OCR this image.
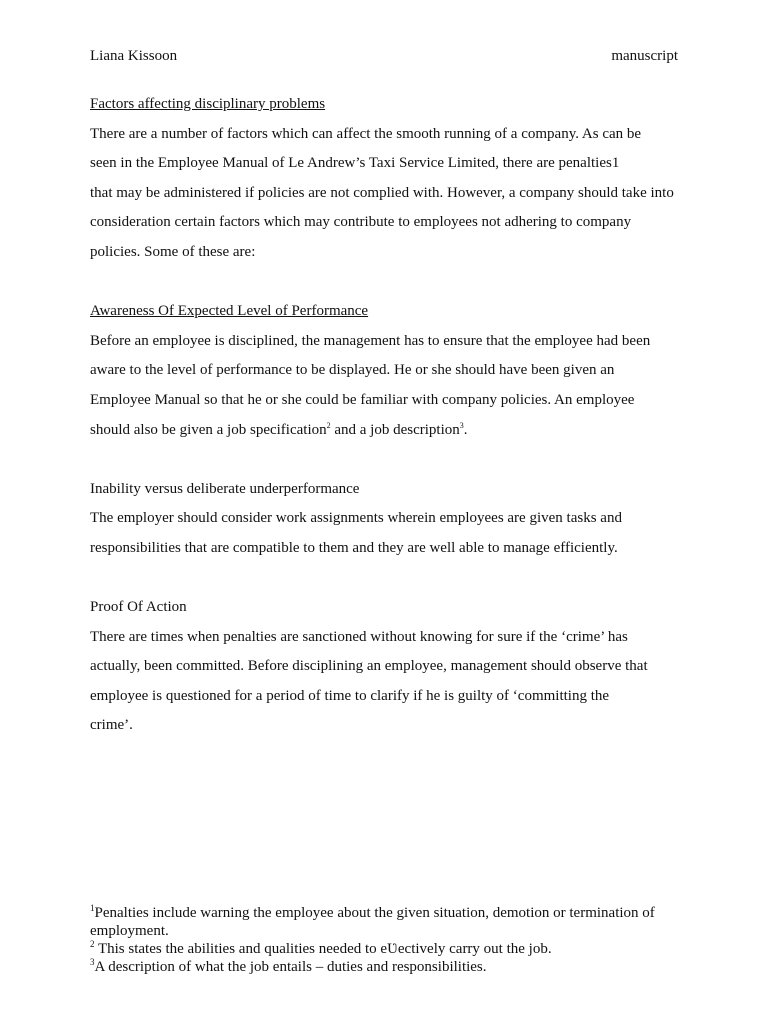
Liana Kissoon	manuscript
Factors affecting disciplinary problems
There are a number of factors which can affect the smooth running of a company. As can be
seen in the Employee Manual of Le Andrew’s Taxi Service Limited, there are penalties1
that may be administered if policies are not complied with. However, a company should take into
consideration certain factors which may contribute to employees not adhering to company
policies. Some of these are:
Awareness Of Expected Level of Performance
Before an employee is disciplined, the management has to ensure that the employee had been
aware to the level of performance to be displayed. He or she should have been given an
Employee Manual so that he or she could be familiar with company policies. An employee
should also be given a job specification$^2$ and a job description$^3$.
Inability versus deliberate underperformance
The employer should consider work assignments wherein employees are given tasks and
responsibilities that are compatible to them and they are well able to manage efficiently.
Proof Of Action
There are times when penalties are sanctioned without knowing for sure if the ‘crime’ has
actually, been committed. Before disciplining an employee, management should observe that
employee is questioned for a period of time to clarify if he is guilty of ‘committing the
crime’.
$^1$Penalties include warning the employee about the given situation, demotion or termination of employment.
$^2$ This states the abilities and qualities needed to eƲectively carry out the job.
$^3$A description of what the job entails – duties and responsibilities.
